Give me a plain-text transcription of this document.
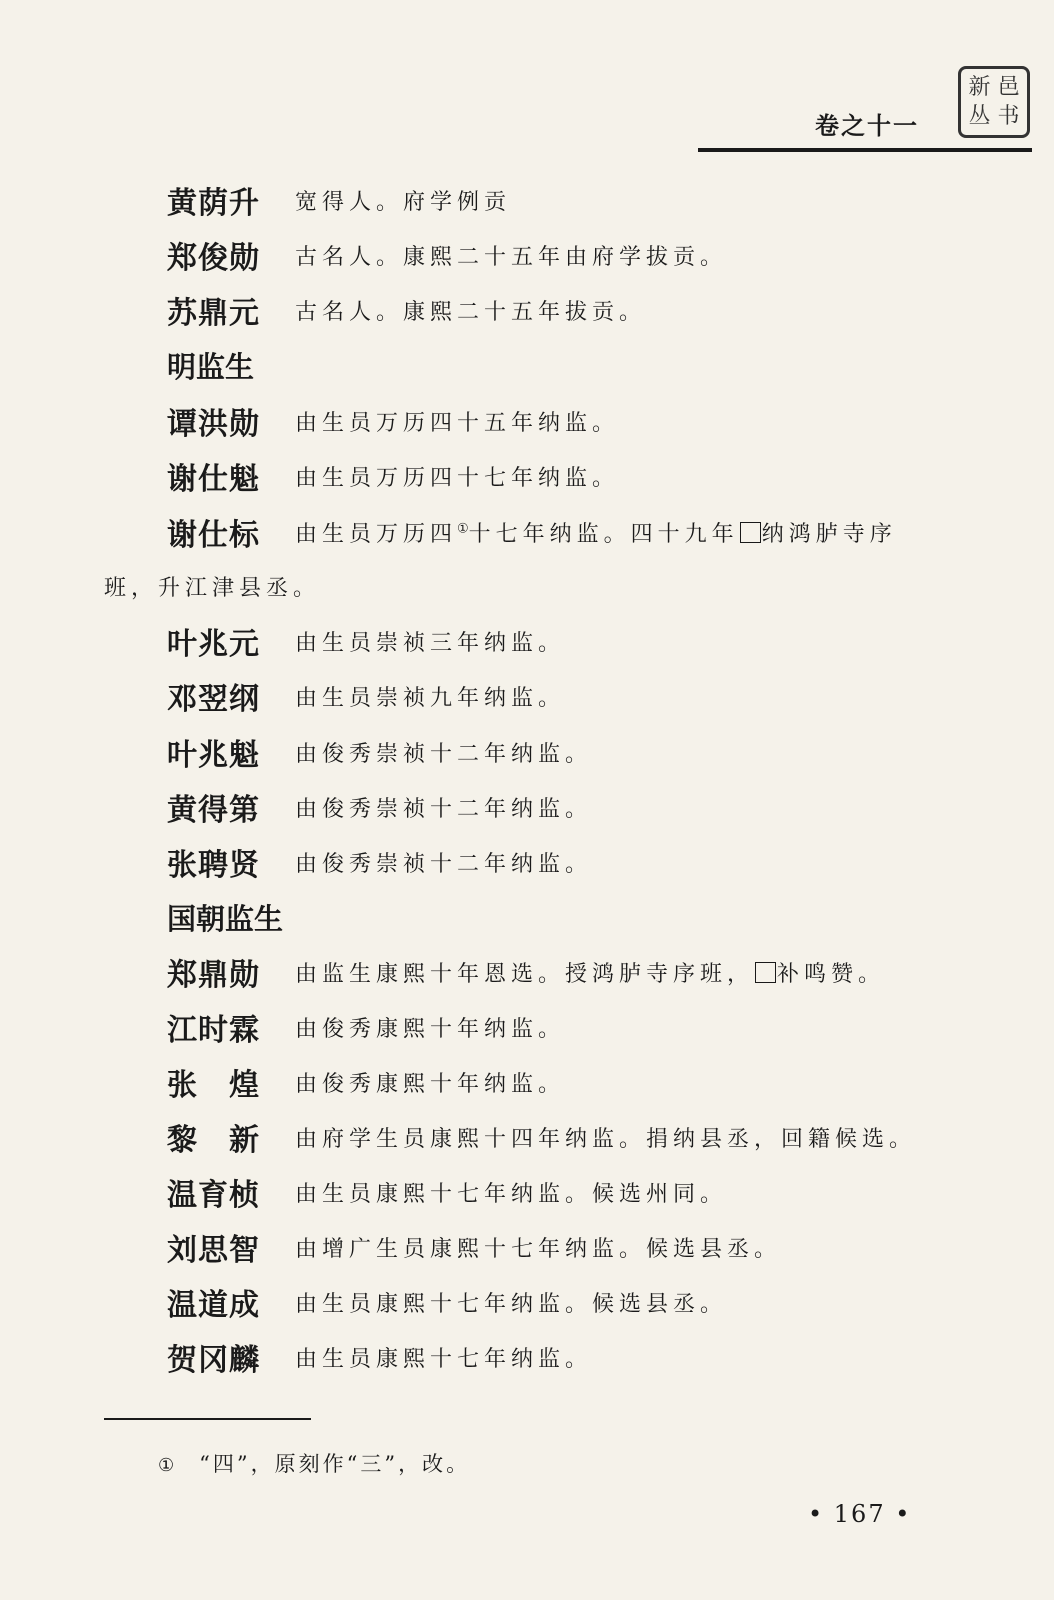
卷之十一
新 邑
丛 书
黄荫升	宽得人。府学例贡
郑俊勋	古名人。康熙二十五年由府学拔贡。
苏鼎元	古名人。康熙二十五年拔贡。
明监生
谭洪勋	由生员万历四十五年纳监。
谢仕魁	由生员万历四十七年纳监。
谢仕标	由生员万历四①十七年纳监。四十九年 纳鸿胪寺序
班，升江津县丞。
叶兆元	由生员崇祯三年纳监。
邓翌纲	由生员崇祯九年纳监。
叶兆魁	由俊秀崇祯十二年纳监。
黄得第	由俊秀崇祯十二年纳监。
张聘贤	由俊秀崇祯十二年纳监。
国朝监生
郑鼎勋	由监生康熙十年恩选。授鸿胪寺序班， 补鸣赞。
江时霖	由俊秀康熙十年纳监。
张　煌	由俊秀康熙十年纳监。
黎　新	由府学生员康熙十四年纳监。捐纳县丞，回籍候选。
温育桢	由生员康熙十七年纳监。候选州同。
刘思智	由增广生员康熙十七年纳监。候选县丞。
温道成	由生员康熙十七年纳监。候选县丞。
贺冈麟	由生员康熙十七年纳监。
① “四”，原刻作“三”，改。
• 167 •
